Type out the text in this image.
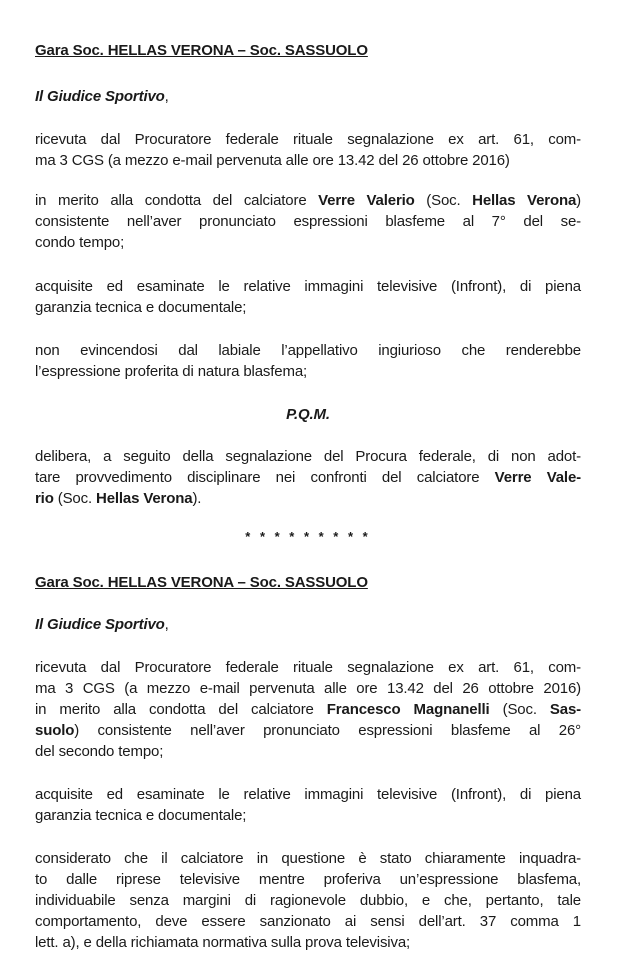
Gara Soc. HELLAS VERONA – Soc. SASSUOLO
Il Giudice Sportivo,
ricevuta dal Procuratore federale rituale segnalazione ex art. 61, com-
ma 3 CGS (a mezzo e-mail pervenuta alle ore 13.42 del 26 ottobre 2016)
in merito alla condotta del calciatore Verre Valerio (Soc. Hellas Verona)
consistente nell’aver pronunciato espressioni blasfeme al 7° del se-
condo tempo;
acquisite ed esaminate le relative immagini televisive (Infront), di piena
garanzia tecnica e documentale;
non evincendosi dal labiale l’appellativo ingiurioso che renderebbe
l’espressione proferita di natura blasfema;
P.Q.M.
delibera, a seguito della segnalazione del Procura federale, di non adot-
tare provvedimento disciplinare nei confronti del calciatore Verre Vale-
rio (Soc. Hellas Verona).
* * * * * * * * *
Gara Soc. HELLAS VERONA – Soc. SASSUOLO
Il Giudice Sportivo,
ricevuta dal Procuratore federale rituale segnalazione ex art. 61, com-
ma 3 CGS (a mezzo e-mail pervenuta alle ore 13.42 del 26 ottobre 2016)
in merito alla condotta del calciatore Francesco Magnanelli (Soc. Sas-
suolo) consistente nell’aver pronunciato espressioni blasfeme al 26°
del secondo tempo;
acquisite ed esaminate le relative immagini televisive (Infront), di piena
garanzia tecnica e documentale;
considerato che il calciatore in questione è stato chiaramente inquadra-
to dalle riprese televisive mentre proferiva un’espressione blasfema,
individuabile senza margini di ragionevole dubbio, e che, pertanto, tale
comportamento, deve essere sanzionato ai sensi dell’art. 37 comma 1
lett. a), e della richiamata normativa sulla prova televisiva;
